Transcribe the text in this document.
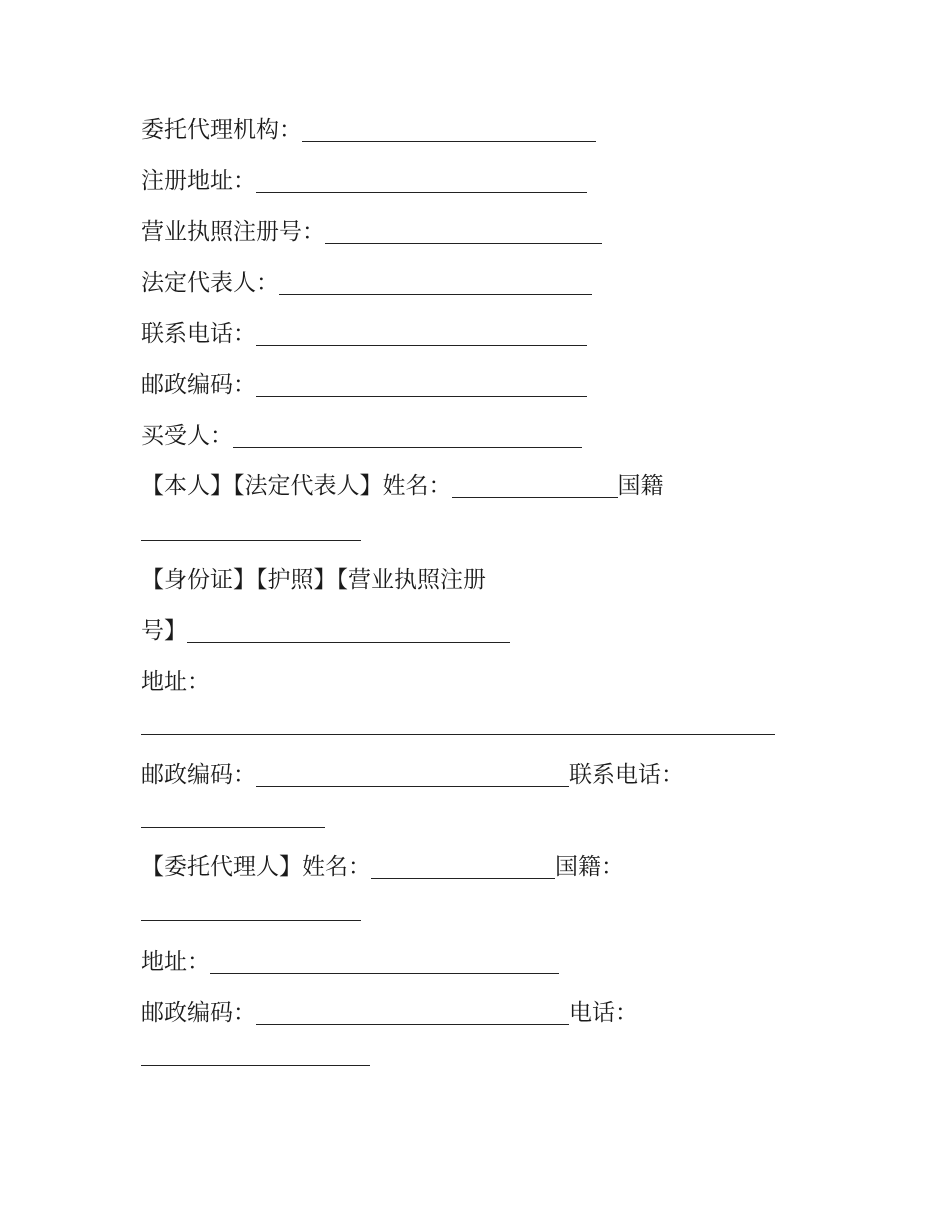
委托代理机构：
注册地址：
营业执照注册号：
法定代表人：
联系电话：
邮政编码：
买受人：
【本人】【法定代表人】姓名：	国籍
【身份证】【护照】【营业执照注册
号】
地址：
邮政编码：	联系电话：
【委托代理人】姓名：	国籍：
地址：
邮政编码：	电话：
